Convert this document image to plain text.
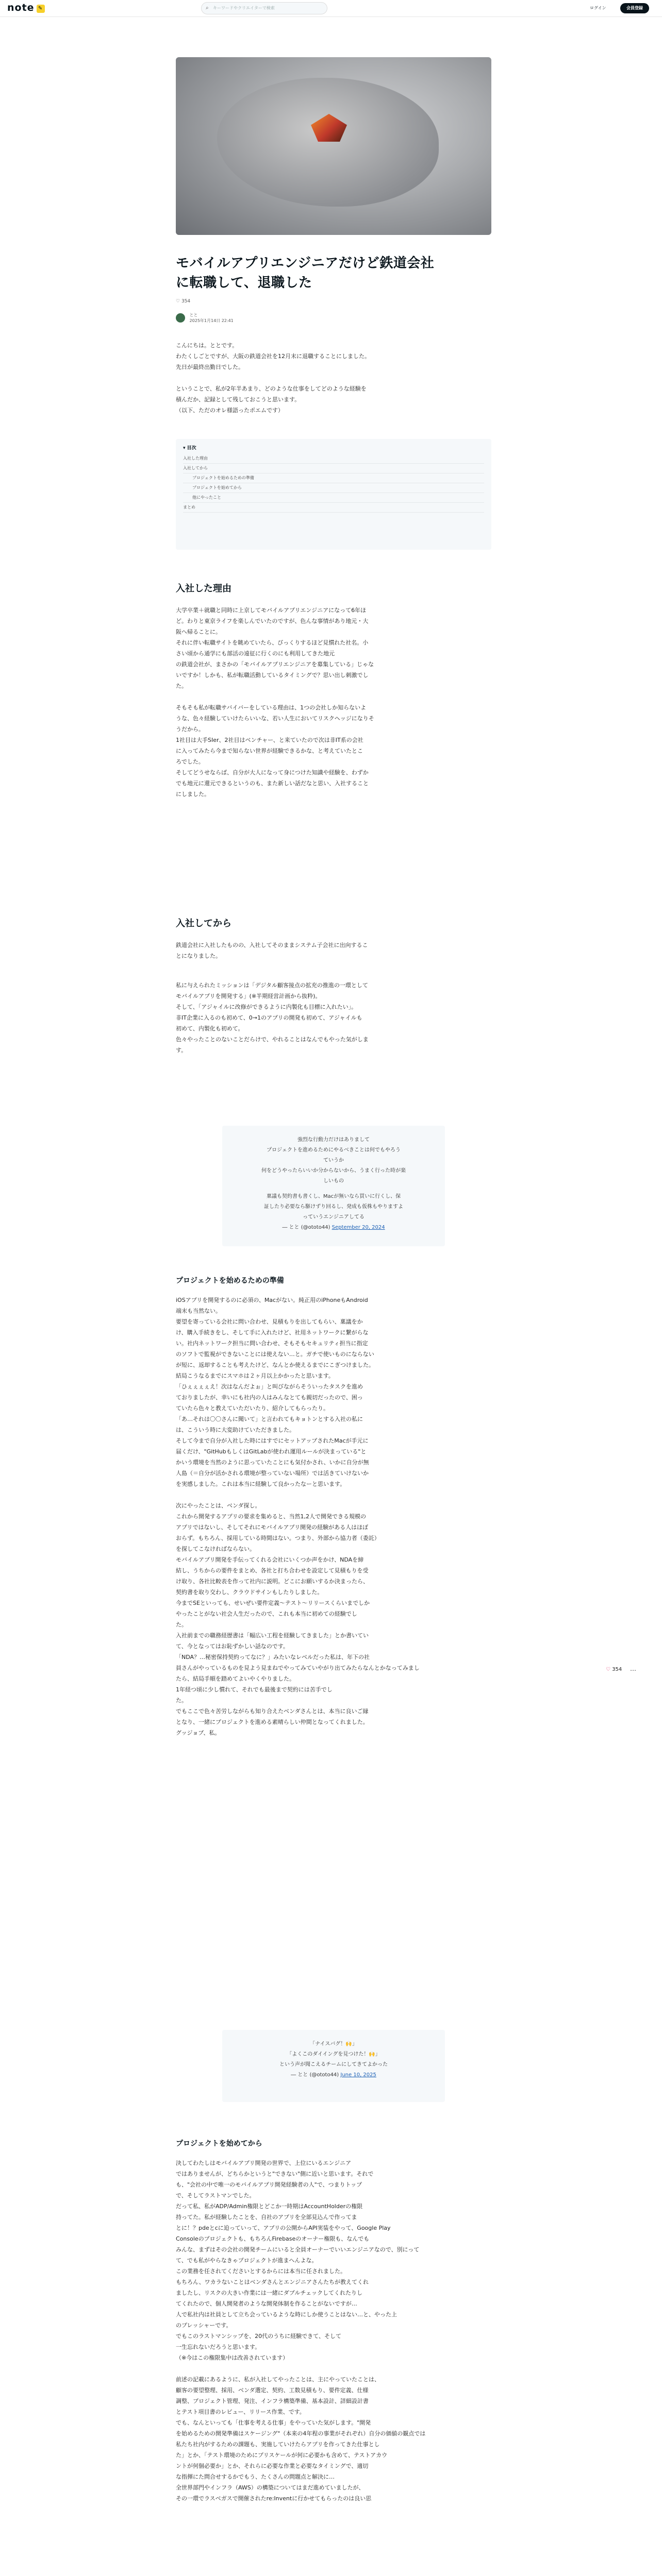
note ✎	⌕ キーワードやクリエイターで検索	ログイン	会員登録
モバイルアプリエンジニアだけど鉄道会社
に転職して、退職した
♡ 354
とと
2025年1月14日 22:41

こんにちは。ととです。

わたくしごとですが、大阪の鉄道会社を12月末に退職することにしました。

先日が最終出勤日でした。

ということで、私が2年半あまり、どのような仕事をしてどのような経験を

積んだか、記録として残しておこうと思います。

（以下、ただのオレ様語ったポエムです）

▾ 目次
入社した理由
入社してから
プロジェクトを始めるための準備
プロジェクトを始めてから
他にやったこと
まとめ
入社した理由

大学卒業＋就職と同時に上京してモバイルアプリエンジニアになって6年ほ

ど。わりと東京ライフを楽しんでいたのですが、色んな事情があり地元・大

阪へ帰ることに。

それに伴い転職サイトを眺めていたら、びっくりするほど見慣れた社名。小

さい頃から通学にも部活の遠征に行くのにも利用してきた地元

の鉄道会社が、まさかの「モバイルアプリエンジニアを募集している」じゃな

いですか！しかも、私が転職活動しているタイミングで？思い出し刺激でし

た。

そもそも私が転職サバイバーをしている理由は、1つの会社しか知らないよ

うな、色々経験していけたらいいな、若い人生においてリスクヘッジになりそ

うだから。

1社目は大手SIer、2社目はベンチャー、と来ていたので次は非IT系の会社

に入ってみたら今まで知らない世界が経験できるかな、と考えていたとこ

ろでした。

そしてどうせならば、自分が大人になって身につけた知識や経験を、わずか

でも地元に還元できるというのも、また新しい話だなと思い、入社すること

にしました。

入社してから

鉄道会社に入社したものの、入社してそのままシステム子会社に出向するこ

とになりました。

私に与えられたミッションは「デジタル顧客接点の拡充の推進の一環として

モバイルアプリを開発する」(※半期経営計画から抜粋)。

そして、「アジャイルに改修ができるように内製化も目標に入れたい」。

非IT企業に入るのも初めて、0→1のアプリの開発も初めて、アジャイルも

初めて、内製化も初めて。

色々やったことのないことだらけで、やれることはなんでもやった気がしま

す。

強烈な行動力だけはありまして
プロジェクトを進めるためにやるべきことは何でもやろう
ていうか
何をどうやったらいいか分からないから、うまく行った時が楽
しいもの
稟議も契約書も書くし、Macが無いなら買いに行くし、保
証したり必要なら駆けずり回るし、発成も仮株もやりますよ
っていうエンジニアしてる
― とと (@ototo44) September 20, 2024
プロジェクトを始めるための準備

iOSアプリを開発するのに必須の、Macがない。純正用のiPhoneもAndroid

端末も当然ない。

要望を寄っている会社に問い合わせ、見積もりを出してもらい、稟議をか

け、購入手続きをし、そして手に入れたけど、社用ネットワークに繋がらな

い。社内ネットワーク担当に問い合わせ、そもそもセキュリティ担当に指定

のソフトで監視ができないことには使えない…と。ガチで使いものにならない

が短に、返却することも考えたけど、なんとか使えるまでにこぎつけました。

結局こうなるまでにスマホは２ヶ月以上かかったと思います。

「ひぇぇぇぇえ！次はなんだよぉ」と叫びながらそういったタスクを進め

ておりましたが、幸いにも社内の人はみんなとても親切だったので、困っ

ていたら色々と教えていただいたり、紹介してもらったり。

「あ…それは〇〇さんに聞いて」と言われてもキョトンとする入社の私に

は、こういう時に大変助けていただきました。

そして今まで自分が入社した時にはすでにセットアップされたMacが手元に

届くだけ、"GitHubもしくはGitLabが使われ運用ルールが決まっている"と

かいう環境を当然のように思っていたことにも気付かされ、いかに自分が無

人島（＝自分が活かされる環境が整っていない場所）では活きていけないか

を実感しました。これは本当に経験して良かったなーと思います。

次にやったことは、ベンダ探し。

これから開発するアプリの要求を集めると、当然1,2人で開発できる規模の

アプリではないし、そしてそれにモバイルアプリ開発の経験がある人はほぼ

おらず。もちろん、採用している時間はない。つまり、外部から協力者（委託）

を探してこなければならない。

モバイルアプリ開発を手伝ってくれる会社にいくつか声をかけ、NDAを締

結し、うちからの要件をまとめ、各社と打ち合わせを設定して見積もりを受

け取り、各社比較表を作って社内に説明。どこにお願いするか決まったら、

契約書を取り交わし、クラウドサインもしたりしました。

今までSEといっても、せいぜい要件定義〜テスト〜リリースくらいまでしか

やったことがない社会人生だったので、これも本当に初めての経験でし

た。

入社前までの職務経歴書は「幅広い工程を経験してきました」とか書いてい

て、今となってはお恥ずかしい話なのです。

「NDA？…秘密保持契約ってなに？」みたいなレベルだった私は、年下の社

員さんがやっているものを見よう見まねでやってみていやがり出てみたらなんとかなってみまし

たら、結局手順を踏めてよいやくやりました。

1年経つ頃に少し慣れて、それでも最後まで契約には苦手でし

た。

でもここで色々苦労しながらも知り合えたベンダさんとは、本当に良いご縁

となり、一緒にプロジェクトを進める素晴らしい仲間となってくれました。

グッジョブ、私。

♡ 354 ⋯
「ナイスバグ！🙌」
「よくこのダイイングを見つけた！🙌」
という声が聞こえるチームにしてきてよかった
― とと (@ototo44) June 10, 2025
プロジェクトを始めてから

決してわたしはモバイルアプリ開発の世界で、上位にいるエンジニア

ではありませんが、どちらかというと"できない"側に近いと思います。それで

も、"会社の中で唯一のモバイルアプリ開発経験者の人"で、つまりトップ

で、そしてラストマンでした。

だって私、私がADP/Admin権限とどこか一時期はAccountHolderの権限

持ってた。私が経験したことを、自社のアプリを全部見込んで作ってま

とに！？pdeとcに迫っていって、アプリの公開からAPI実装をやって、Google Play

Consoleのプロジェクトも、もちろんFirebaseのオーナー権限も、なんでも

みんな、まずはその会社の開発チームにいると全員オーナーでいいエンジニアなので、別にって

て、でも私がやらなきゃプロジェクトが進まへんよな。

この業務を任されてくださいとするからには本当に任されました。

もちろん、ワカラないことはベンダさんとエンジニアさんたちが教えてくれ

ましたし、リスクの大きい作業には一緒にダブルチェックしてくれたりし

てくれたので、個人開発者のような開発体制を作ることがないですが…

人で私社内は社員として立ち会っているような時にしか使うことはない…と、やった上

のプレッシャーです。

でもこのラストマンシップを、20代のうちに経験できて、そして

一生忘れないだろうと思います。

（※今はこの権限集中は改善されています）

前述の記載にあるように、私が入社してやったことは、主にやっていたことは、

顧客の要望整理、採用、ベンダ選定、契約、工数見積もり、要件定義、仕様

調整、プロジェクト管理、発注、インフラ構築準備、基本設計、詳細設計書

とテスト項目書のレビュー、リリース作業、です。

でも、なんといっても「仕事を考える仕事」をやっていた気がします。"開発

を始めるための開発準備はスケージング"（本来の4年程の事業がそれぞれ）自分の価値の観点では

私たち社内がするための課題も、実施していけたらアプリを作ってきた仕事とし

た」とか、「テスト環境のためにプリスケールが何に必要かも含めて、テストアカウ

ントが何個必要か」とか、それらに必要な作業と必要なタイミングで、適切

な指揮にた問合せするかでもう、たくさんの問題点と解決に…

全世界部門やインフラ（AWS）の構築についてはまだ進めていましたが、

その一環でラスベガスで開催されたre:Inventに行かせてもらったのは良い思
